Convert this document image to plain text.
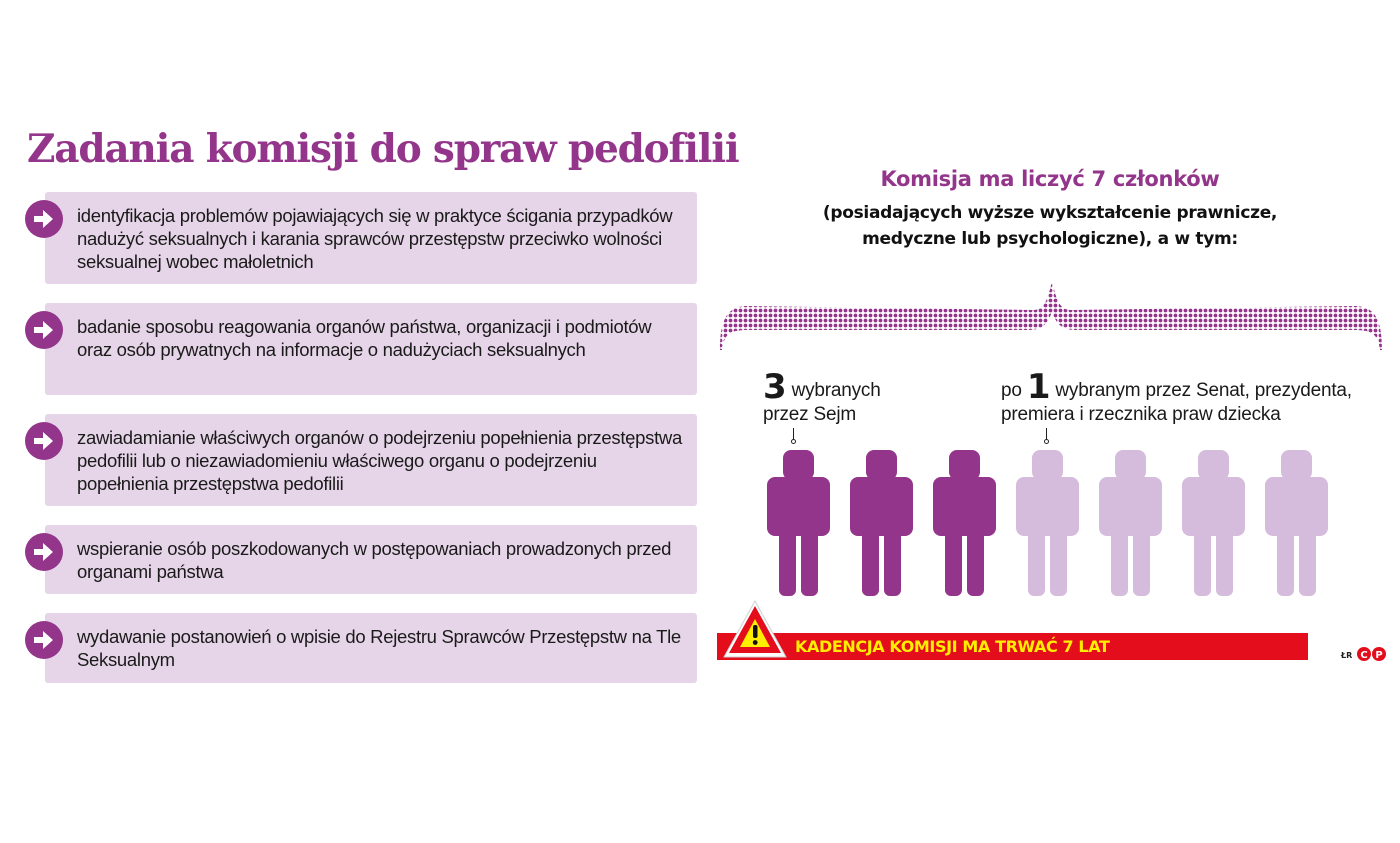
Zadania komisji do spraw pedofilii
identyfikacja problemów pojawiających się w praktyce ścigania przypadków nadużyć seksualnych i karania sprawców przestępstw przeciwko wolności seksualnej wobec małoletnich
badanie sposobu reagowania organów państwa, organizacji i podmiotów oraz osób prywatnych na informacje o nadużyciach seksualnych
zawiadamianie właściwych organów o podejrzeniu popełnienia przestępstwa pedofilii lub o niezawiadomieniu właściwego organu o podejrzeniu popełnienia przestępstwa pedofilii
wspieranie osób poszkodowanych w postępowaniach prowadzonych przed organami państwa
wydawanie postanowień o wpisie do Rejestru Sprawców Przestępstw na Tle Seksualnym
Komisja ma liczyć 7 członków
(posiadających wyższe wykształcenie prawnicze,
medyczne lub psychologiczne), a w tym:
3 wybranych
przez Sejm
po 1 wybranym przez Senat, prezydenta,
premiera i rzecznika praw dziecka
KADENCJA KOMISJI MA TRWAĆ 7 LAT	ŁR C P
